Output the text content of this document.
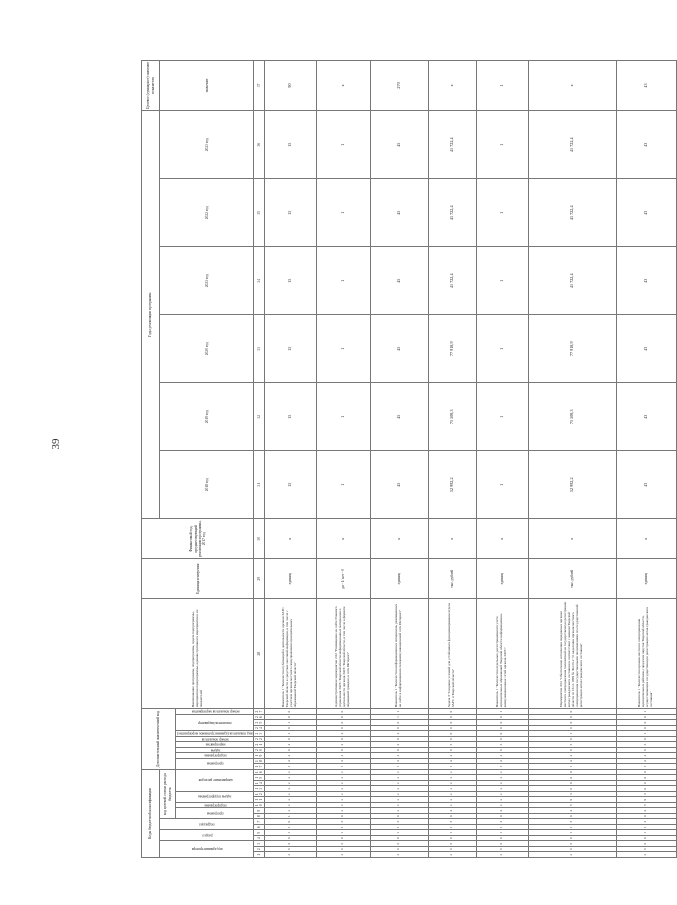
39
Коды бюджетной классификации																Дополнительный аналитический код											Наименование программы, подпрограммы, задачи подпрограммы, мероприятия подпрограммы, административного мероприятия и их показателей	Единица измерения	Финансовый год, предшествующий реализации программы, 2017 год	Годы реализации программы						Целевое (суммарное) значение показателя
код администратора			раздел		подраздел		код целевой статьи расхода бюджета																							2018 год	2019 год	2020 год	2021 год	2022 год	2023 год	значение
							программа		подпрограмма	задача подпрограммы		направление расходов				программа		подпрограмма	задача	мероприятие	номер показателя	вид показателя (административное мероприятие)	показатель/индикатор			номер показателя мероприятия										
1	2	3	4	5	6	7	8	9	10	11	12	13	14	15	16	17	18	19	20	21	22	23	24	25	26	27	28	29	30	31	32	33	34	35	36	37
2	6	6	0	1	1	0	1	x	x	x	x	x	x	x	x	1	4	2	0	2	0	1	0	1	0	0	Показатель 1 "Количество публикаций о деятельности органов ЗАГС Тверской области в средствах массовой информации, в том числе с участием органов местного самоуправления муниципальных образований Тверской области"	единиц	x	15	15	15	15	15	15	90
2	6	6	0	1	1	3	0	x	x	x	x	x	x	x	x	1	4	2	0	2	0	2	0	0	0	0	Административное мероприятие 2.02 "Размещение на сайте Главного управления ЗАГС Тверской области информационных материалов о деятельности органов ЗАГС Тверской области, в том числе в формате обращений граждан, в сети Интернет"	да - 1/ нет - 0	x	1	1	1	1	1	1	x
2	6	6	0	1	1	3	0	x	x	x	x	x	x	x	x	1	4	2	0	2	0	2	0	0	1	1	Показатель 1 "Количество информационных материалов, размещенных на сайте в информационно-телекоммуникационной сети Интернет"	единиц	x	45	45	45	45	45	45	270
2	6	6	0	1	1	3	0	4	x	x	x	x	x	x	x	1	4	2	0	3	0	0	0	0	0	0	Задача 3 "Создание условий для устойчивого функционирования отдела ЗАГС и Тверской области"	тыс. рублей	x	52 992,2	75 508,3	77 918,9	41 722,4	41 722,4	41 722,4	x
2	6	6	0	1	1	3	0	4	x	x	x	x	x	x	x	1	4	2	0	3	0	0	0	0	0	1	Показатель 1 "Количество отдельных, регистрационного учета муниципальных образований Тверской области информационно-коммуникационных сетей органов ЗАГС"	единиц	x	1	1	1	1	1	1	1
2	6	6	0	1	1	3	0	4	5	9	3	0	0	0	0	1	4	2	0	3	0	1	0	0	0	0	Мероприятие 3.01 "Обеспечение исполнения переданных органам местного самоуправления полномочий на государственную регистрацию актов гражданского состояния в соответствии с законом Тверской области от 16.11.1998 № 30-ОЗ-2 "О наделении органов местного самоуправления государственными полномочиями по государственной регистрации актов гражданского состояния"	тыс. рублей	x	52 992,2	75 508,3	77 918,9	41 722,4	41 722,4	41 722,4	x
2	6	6	0	1	1	3	0	4	5	9	3	0	0	0	0	1	4	2	0	3	0	1	0	0	0	1	Показатель 1 "Количество органов местного самоуправления муниципальных районов, городских округов Тверской области, осуществляющих государственную регистрацию актов гражданского состояния"	единиц	x	43	43	43	43	43	43	43
